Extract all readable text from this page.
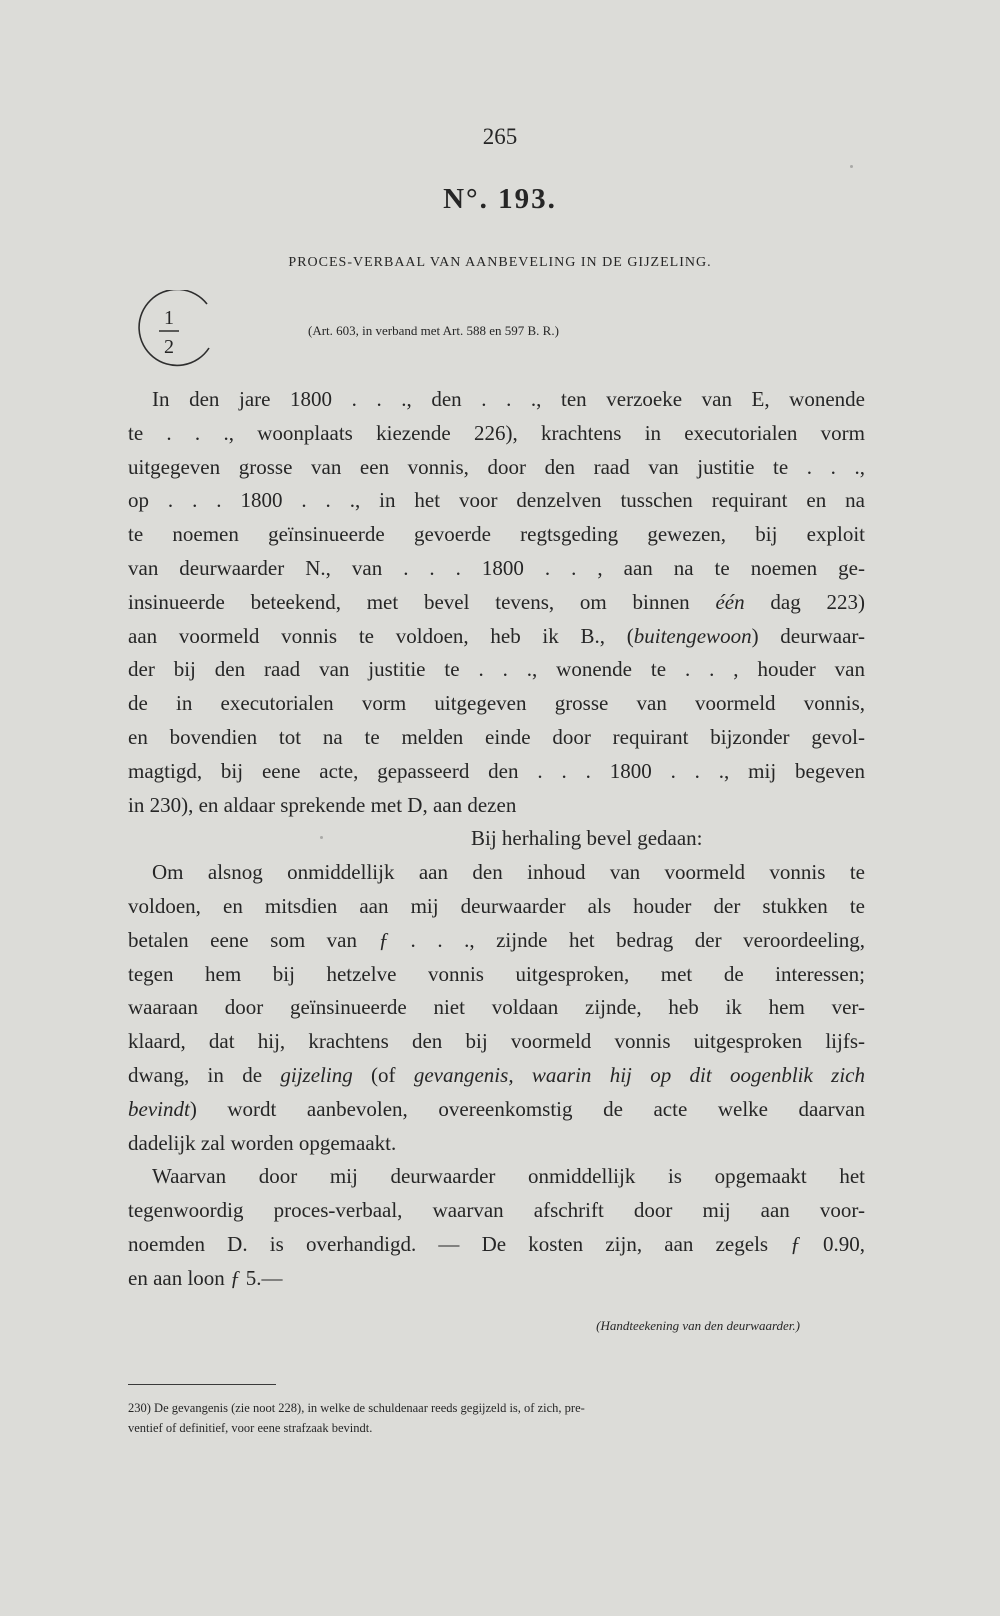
265
N°. 193.
PROCES-VERBAAL VAN AANBEVELING IN DE GIJZELING.
1
2
(Art. 603, in verband met Art. 588 en 597 B. R.)
In den jare 1800 . . ., den . . ., ten verzoeke van E, wonende
te . . ., woonplaats kiezende 226), krachtens in executorialen vorm
uitgegeven grosse van een vonnis, door den raad van justitie te . . .,
op . . . 1800 . . ., in het voor denzelven tusschen requirant en na
te noemen geïnsinueerde gevoerde regtsgeding gewezen, bij exploit
van deurwaarder N., van . . . 1800 . . , aan na te noemen ge-
insinueerde beteekend, met bevel tevens, om binnen één dag 223)
aan voormeld vonnis te voldoen, heb ik B., (buitengewoon) deurwaar-
der bij den raad van justitie te . . ., wonende te . . , houder van
de in executorialen vorm uitgegeven grosse van voormeld vonnis,
en bovendien tot na te melden einde door requirant bijzonder gevol-
magtigd, bij eene acte, gepasseerd den . . . 1800 . . ., mij begeven
in 230), en aldaar sprekende met D, aan dezen
Bij herhaling bevel gedaan:
Om alsnog onmiddellijk aan den inhoud van voormeld vonnis te
voldoen, en mitsdien aan mij deurwaarder als houder der stukken te
betalen eene som van ƒ . . ., zijnde het bedrag der veroordeeling,
tegen hem bij hetzelve vonnis uitgesproken, met de interessen;
waaraan door geïnsinueerde niet voldaan zijnde, heb ik hem ver-
klaard, dat hij, krachtens den bij voormeld vonnis uitgesproken lijfs-
dwang, in de gijzeling (of gevangenis, waarin hij op dit oogenblik zich
bevindt) wordt aanbevolen, overeenkomstig de acte welke daarvan
dadelijk zal worden opgemaakt.
Waarvan door mij deurwaarder onmiddellijk is opgemaakt het
tegenwoordig proces-verbaal, waarvan afschrift door mij aan voor-
noemden D. is overhandigd. — De kosten zijn, aan zegels ƒ 0.90,
en aan loon ƒ 5.—
(Handteekening van den deurwaarder.)
230) De gevangenis (zie noot 228), in welke de schuldenaar reeds gegijzeld is, of zich, pre-
ventief of definitief, voor eene strafzaak bevindt.
